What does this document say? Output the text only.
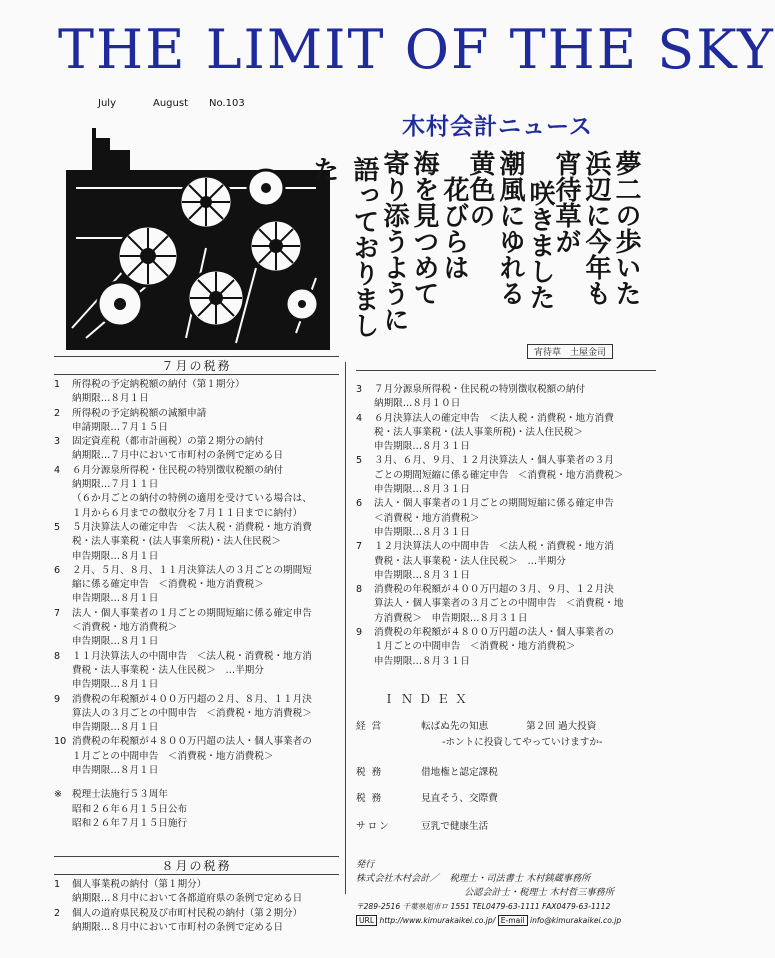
THE LIMIT OF THE SKY
July	August No.103
木村会計ニュース
夢二の歩いた
浜辺に今年も
宵待草が
咲きました
潮風にゆれる
黄色の
花びらは
海を見つめて
寄り添うように
語っておりました
宵待草　土屋金司
７月の税務
1	所得税の予定納税額の納付（第１期分）
納期限…８月１日
2	所得税の予定納税額の減額申請
申請期限…７月１５日
3	固定資産税（都市計画税）の第２期分の納付
納期限…７月中において市町村の条例で定める日
4	６月分源泉所得税・住民税の特別徴収税額の納付
納期限…７月１１日
（６か月ごとの納付の特例の適用を受けている場合は、
１月から６月までの徴収分を７月１１日までに納付）
5	５月決算法人の確定申告　＜法人税・消費税・地方消費
税・法人事業税・(法人事業所税)・法人住民税＞
申告期限…８月１日
6	２月、５月、８月、１１月決算法人の３月ごとの期間短
縮に係る確定申告　＜消費税・地方消費税＞
申告期限…８月１日
7	法人・個人事業者の１月ごとの期間短縮に係る確定申告
＜消費税・地方消費税＞
申告期限…８月１日
8	１１月決算法人の中間申告　＜法人税・消費税・地方消
費税・法人事業税・法人住民税＞　…半期分
申告期限…８月１日
9	消費税の年税額が４００万円超の２月、８月、１１月決
算法人の３月ごとの中間申告　＜消費税・地方消費税＞
申告期限…８月１日
10 消費税の年税額が４８００万円超の法人・個人事業者の
１月ごとの中間申告　＜消費税・地方消費税＞
申告期限…８月１日
※	税理士法施行５３周年
昭和２６年６月１５日公布
昭和２６年７月１５日施行
８月の税務
1	個人事業税の納付（第１期分）
納期限…８月中において各都道府県の条例で定める日
2	個人の道府県民税及び市町村民税の納付（第２期分）
納期限…８月中において市町村の条例で定める日
3	７月分源泉所得税・住民税の特別徴収税額の納付
納期限…８月１０日
4	６月決算法人の確定申告　＜法人税・消費税・地方消費
税・法人事業税・(法人事業所税)・法人住民税＞
申告期限…８月３１日
5	３月、６月、９月、１２月決算法人・個人事業者の３月
ごとの期間短縮に係る確定申告　＜消費税・地方消費税＞
申告期限…８月３１日
6	法人・個人事業者の１月ごとの期間短縮に係る確定申告
＜消費税・地方消費税＞
申告期限…８月３１日
7	１２月決算法人の中間申告　＜法人税・消費税・地方消
費税・法人事業税・法人住民税＞　…半期分
申告期限…８月３１日
8	消費税の年税額が４００万円超の３月、９月、１２月決
算法人・個人事業者の３月ごとの中間申告　＜消費税・地
方消費税＞　申告期限…８月３１日
9	消費税の年税額が４８００万円超の法人・個人事業者の
１月ごとの中間申告　＜消費税・地方消費税＞
申告期限…８月３１日
ＩＮＤＥＸ
経営	転ばぬ先の知恵	第２回 過大投資
-ホントに投資してやっていけますか-
税務	借地権と認定課税
税務	見直そう、交際費
サロン	豆乳で健康生活
発行
株式会社木村会計／ 税理士・司法書士 木村銕蔵事務所
公認会計士・税理士 木村哲三事務所
〒289-2516 千葉県旭市ロ 1551 TEL0479-63-1111 FAX0479-63-1112
URL http://www.kimurakaikei.co.jp/ E-mail info@kimurakaikei.co.jp
